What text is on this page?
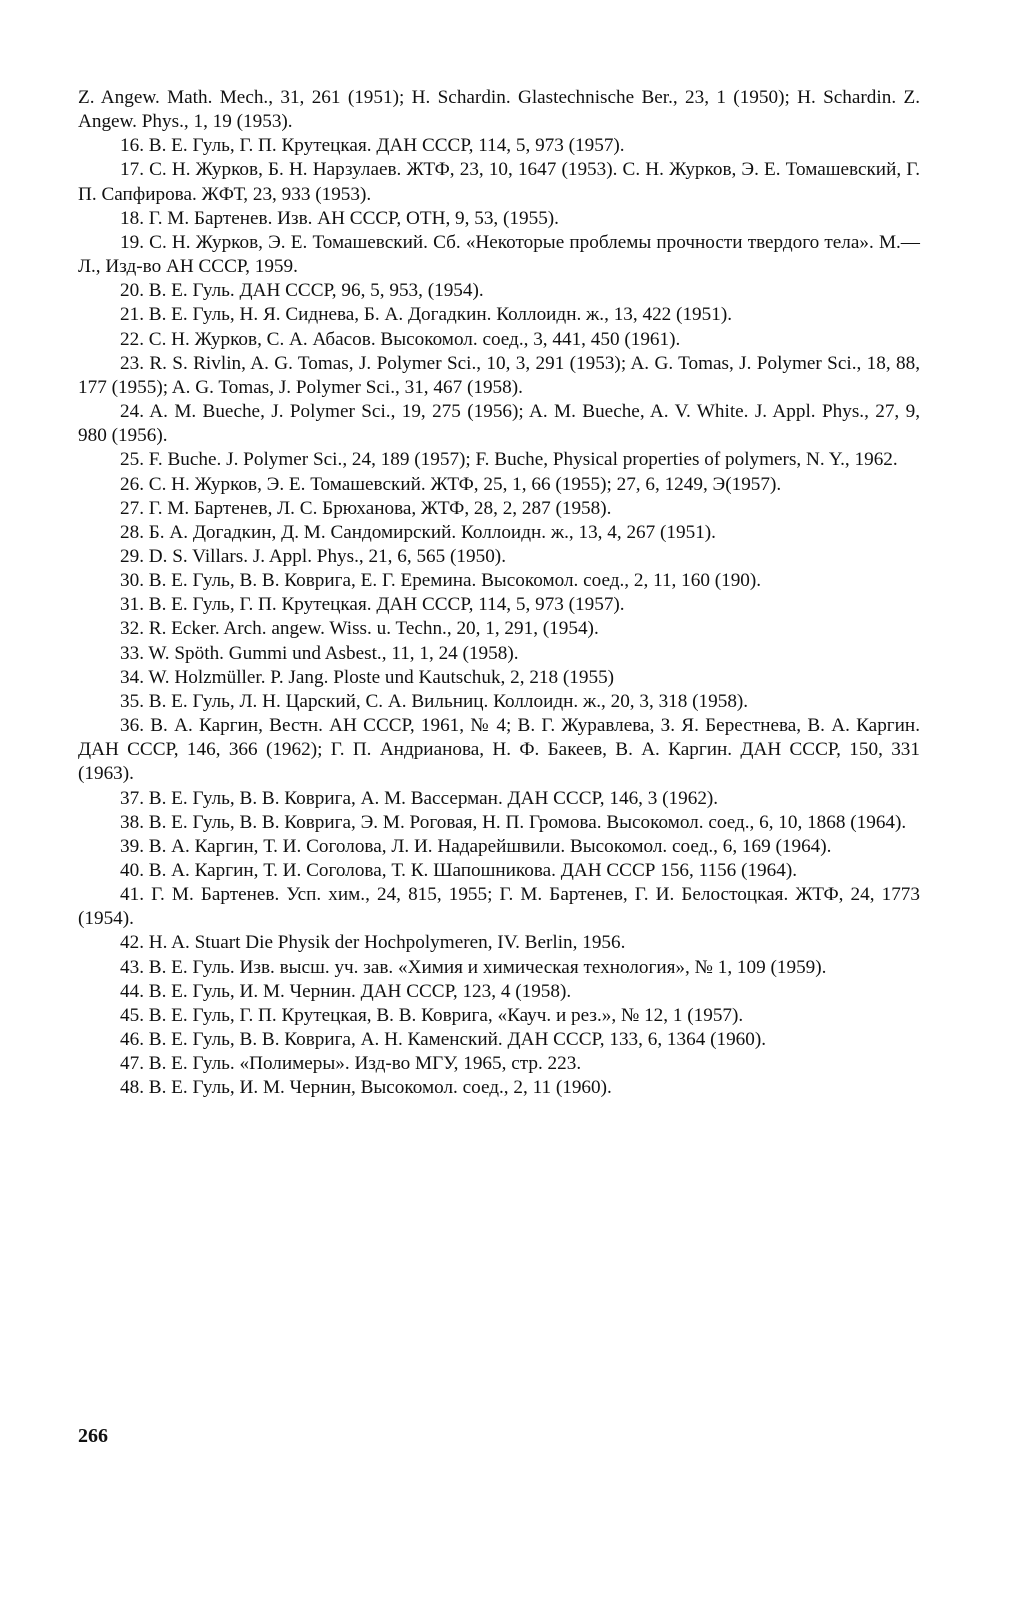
Z. Angew. Math. Mech., 31, 261 (1951); H. Schardin. Glastechnische Ber., 23, 1 (1950); H. Schardin. Z. Angew. Phys., 1, 19 (1953).

16. В. Е. Гуль, Г. П. Крутецкая. ДАН СССР, 114, 5, 973 (1957).

17. С. Н. Журков, Б. Н. Нарзулаев. ЖТФ, 23, 10, 1647 (1953). С. Н. Журков, Э. Е. Томашевский, Г. П. Сапфирова. ЖФТ, 23, 933 (1953).

18. Г. М. Бартенев. Изв. АН СССР, ОТН, 9, 53, (1955).

19. С. Н. Журков, Э. Е. Томашевский. Сб. «Некоторые проблемы прочности твердого тела». М.— Л., Изд-во АН СССР, 1959.

20. В. Е. Гуль. ДАН СССР, 96, 5, 953, (1954).

21. В. Е. Гуль, Н. Я. Сиднева, Б. А. Догадкин. Коллоидн. ж., 13, 422 (1951).

22. С. Н. Журков, С. А. Абасов. Высокомол. соед., 3, 441, 450 (1961).

23. R. S. Rivlin, A. G. Tomas, J. Polymer Sci., 10, 3, 291 (1953); A. G. Tomas, J. Polymer Sci., 18, 88, 177 (1955); A. G. Tomas, J. Polymer Sci., 31, 467 (1958).

24. A. M. Bueche, J. Polymer Sci., 19, 275 (1956); A. M. Bueche, A. V. White. J. Appl. Phys., 27, 9, 980 (1956).

25. F. Buche. J. Polymer Sci., 24, 189 (1957); F. Buche, Physical properties of polymers, N. Y., 1962.

26. С. Н. Журков, Э. Е. Томашевский. ЖТФ, 25, 1, 66 (1955); 27, 6, 1249, Э(1957).

27. Г. М. Бартенев, Л. С. Брюханова, ЖТФ, 28, 2, 287 (1958).

28. Б. А. Догадкин, Д. М. Сандомирский. Коллоидн. ж., 13, 4, 267 (1951).

29. D. S. Villars. J. Appl. Phys., 21, 6, 565 (1950).

30. В. Е. Гуль, В. В. Коврига, Е. Г. Еремина. Высокомол. соед., 2, 11, 160 (190).

31. В. Е. Гуль, Г. П. Крутецкая. ДАН СССР, 114, 5, 973 (1957).

32. R. Ecker. Arch. angew. Wiss. u. Techn., 20, 1, 291, (1954).

33. W. Spöth. Gummi und Asbest., 11, 1, 24 (1958).

34. W. Holzmüller. P. Jang. Ploste und Kautschuk, 2, 218 (1955)

35. В. Е. Гуль, Л. Н. Царский, С. А. Вильниц. Коллоидн. ж., 20, 3, 318 (1958).

36. В. А. Каргин, Вестн. АН СССР, 1961, № 4; В. Г. Журавлева, З. Я. Берестнева, В. А. Каргин. ДАН СССР, 146, 366 (1962); Г. П. Андрианова, Н. Ф. Бакеев, В. А. Каргин. ДАН СССР, 150, 331 (1963).

37. В. Е. Гуль, В. В. Коврига, А. М. Вассерман. ДАН СССР, 146, 3 (1962).

38. В. Е. Гуль, В. В. Коврига, Э. М. Роговая, Н. П. Громова. Высокомол. соед., 6, 10, 1868 (1964).

39. В. А. Каргин, Т. И. Соголова, Л. И. Надарейшвили. Высокомол. соед., 6, 169 (1964).

40. В. А. Каргин, Т. И. Соголова, Т. К. Шапошникова. ДАН СССР 156, 1156 (1964).

41. Г. М. Бартенев. Усп. хим., 24, 815, 1955; Г. М. Бартенев, Г. И. Белостоцкая. ЖТФ, 24, 1773 (1954).

42. H. A. Stuart Die Physik der Hochpolymeren, IV. Berlin, 1956.

43. В. Е. Гуль. Изв. высш. уч. зав. «Химия и химическая технология», № 1, 109 (1959).

44. В. Е. Гуль, И. М. Чернин. ДАН СССР, 123, 4 (1958).

45. В. Е. Гуль, Г. П. Крутецкая, В. В. Коврига, «Кауч. и рез.», № 12, 1 (1957).

46. В. Е. Гуль, В. В. Коврига, А. Н. Каменский. ДАН СССР, 133, 6, 1364 (1960).

47. В. Е. Гуль. «Полимеры». Изд-во МГУ, 1965, стр. 223.

48. В. Е. Гуль, И. М. Чернин, Высокомол. соед., 2, 11 (1960).

266
